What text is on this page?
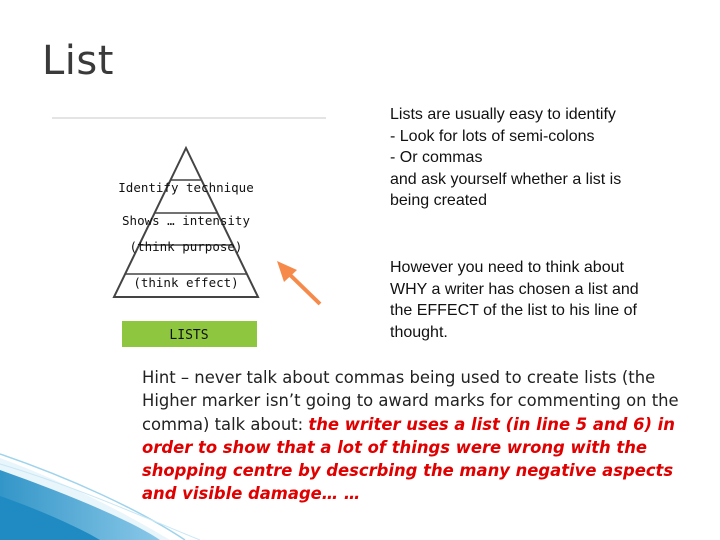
List
Identify technique
Shows … intensity
(think purpose)
(think effect)
LISTS
Lists are usually easy to identify
- Look for lots of semi-colons
- Or commas
and ask yourself whether a list is being created
However you need to think about WHY a writer has chosen a list and the EFFECT of the list to his line of thought.
Hint – never talk about commas being used to create lists (the Higher marker isn’t going to award marks for commenting on the comma) talk about: the writer uses a list (in line 5 and 6) in order to show that a lot of things were wrong with the shopping centre by descrbing the many negative aspects and visible damage… …
